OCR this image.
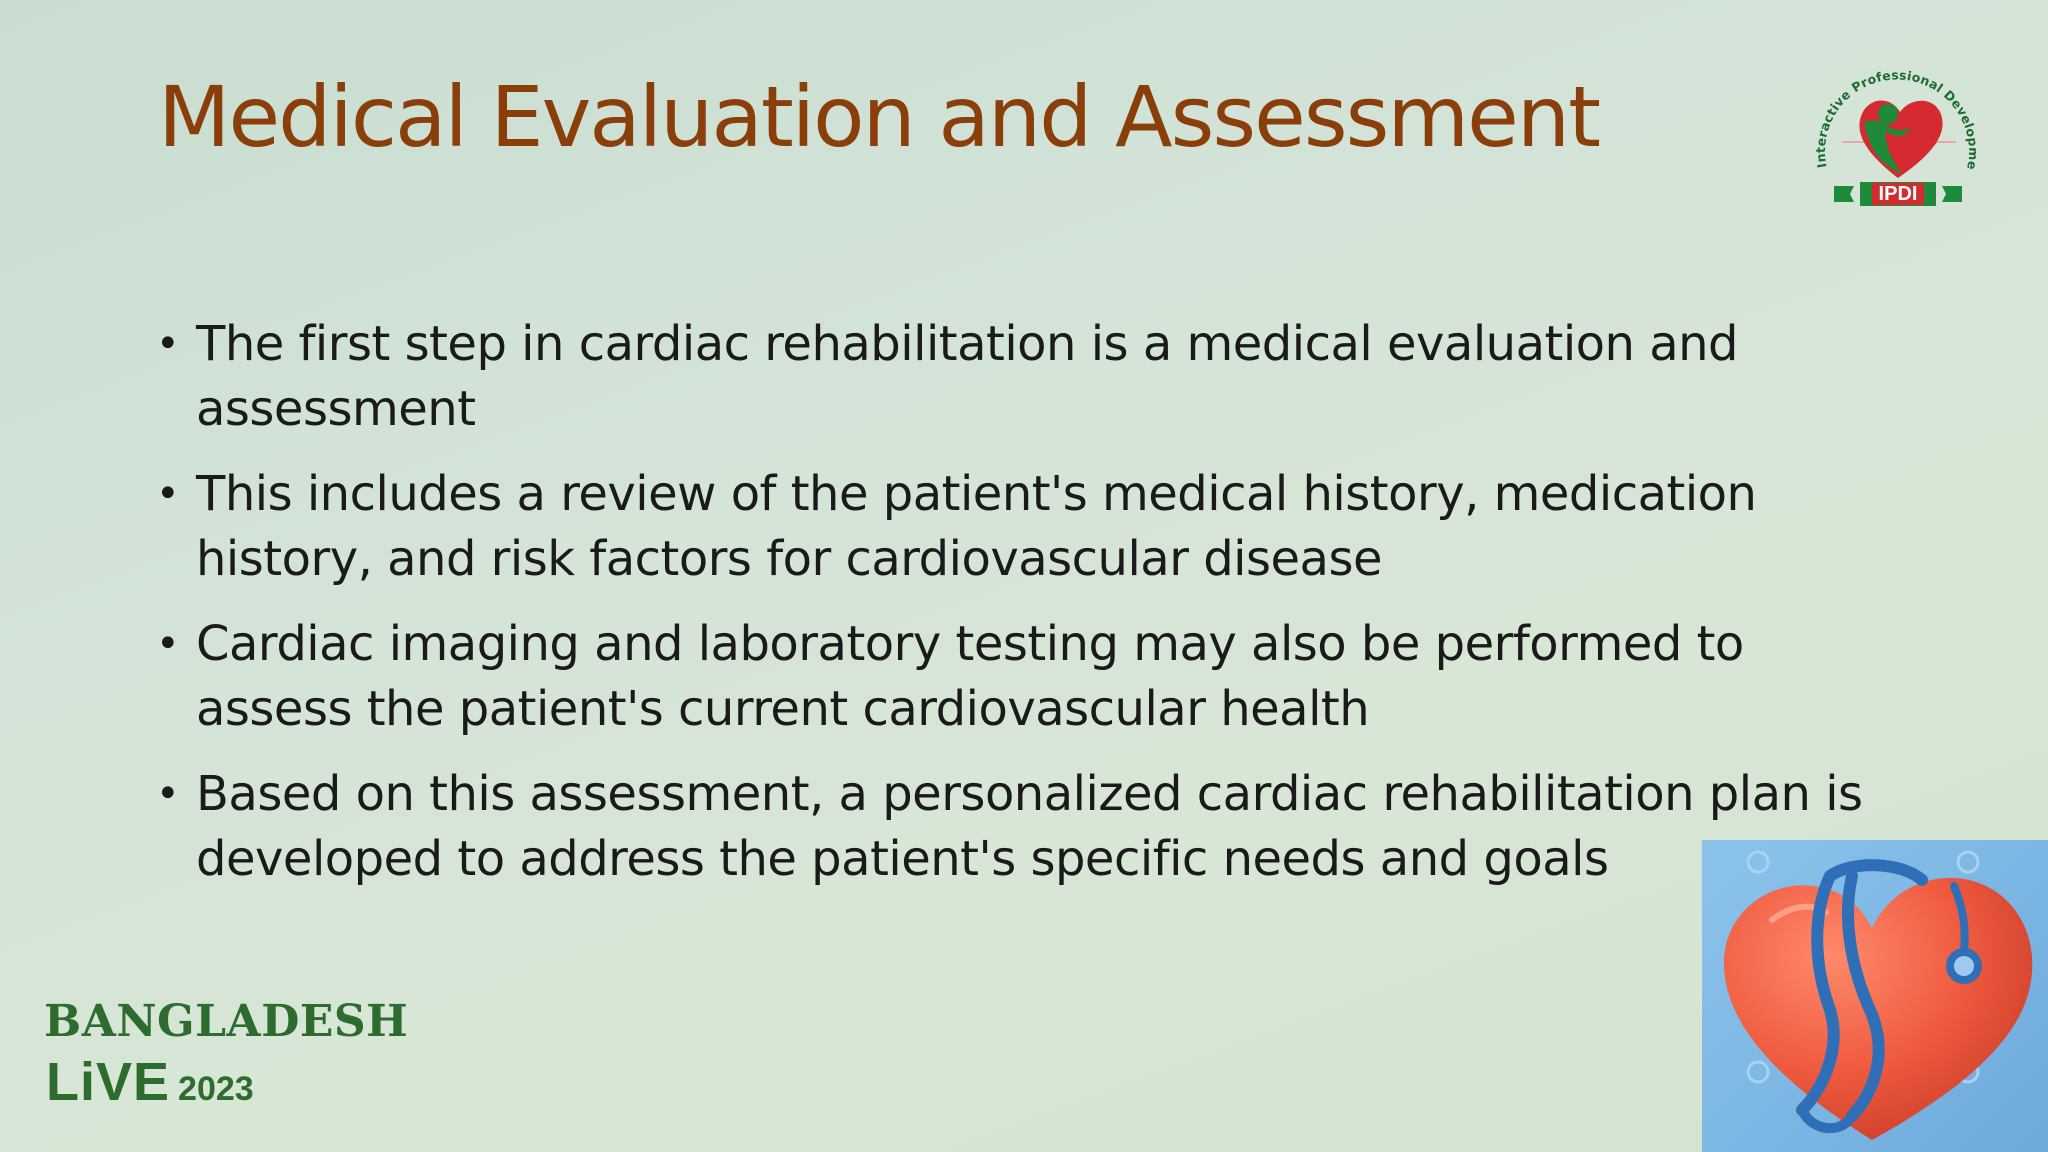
Medical Evaluation and Assessment
• The first step in cardiac rehabilitation is a medical evaluation and assessment
• This includes a review of the patient's medical history, medication history, and risk factors for cardiovascular disease
• Cardiac imaging and laboratory testing may also be performed to assess the patient's current cardiovascular health
• Based on this assessment, a personalized cardiac rehabilitation plan is developed to address the patient's specific needs and goals
Interactive Professional Developme
IPDI
BANGLADESH
LiVE 2023
